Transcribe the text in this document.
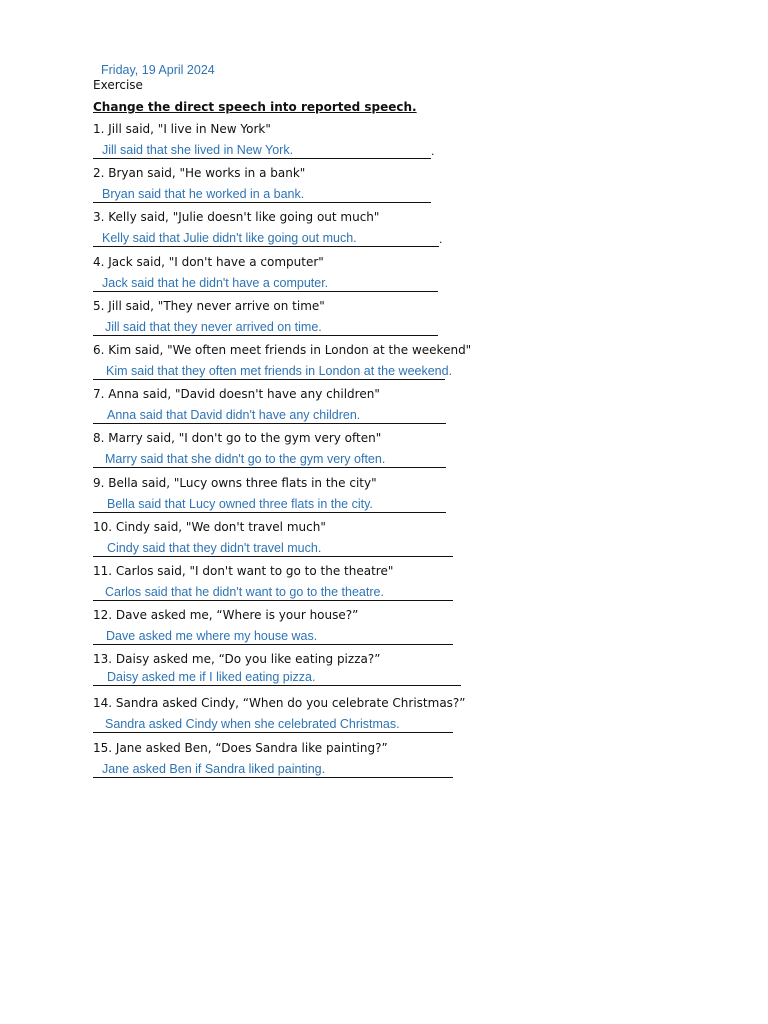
Friday, 19 April 2024
Exercise
Change the direct speech into reported speech.
1. Jill said, "I live in New York"
Jill said that she lived in New York.	.
2. Bryan said, "He works in a bank"
Bryan said that he worked in a bank.
3. Kelly said, "Julie doesn't like going out much"
Kelly said that Julie didn't like going out much.	.
4. Jack said, "I don't have a computer"
Jack said that he didn't have a computer.
5. Jill said, "They never arrive on time"
Jill said that they never arrived on time.
6. Kim said, "We often meet friends in London at the weekend"
Kim said that they often met friends in London at the weekend.
7. Anna said, "David doesn't have any children"
Anna said that David didn't have any children.
8. Marry said, "I don't go to the gym very often"
Marry said that she didn't go to the gym very often.
9. Bella said, "Lucy owns three flats in the city"
Bella said that Lucy owned three flats in the city.
10. Cindy said, "We don't travel much"
Cindy said that they didn't travel much.
11. Carlos said, "I don't want to go to the theatre"
Carlos said that he didn't want to go to the theatre.
12. Dave asked me, “Where is your house?”
Dave asked me where my house was.
13. Daisy asked me, “Do you like eating pizza?”
Daisy asked me if I liked eating pizza.
14. Sandra asked Cindy, “When do you celebrate Christmas?”
Sandra asked Cindy when she celebrated Christmas.
15. Jane asked Ben, “Does Sandra like painting?”
Jane asked Ben if Sandra liked painting.
